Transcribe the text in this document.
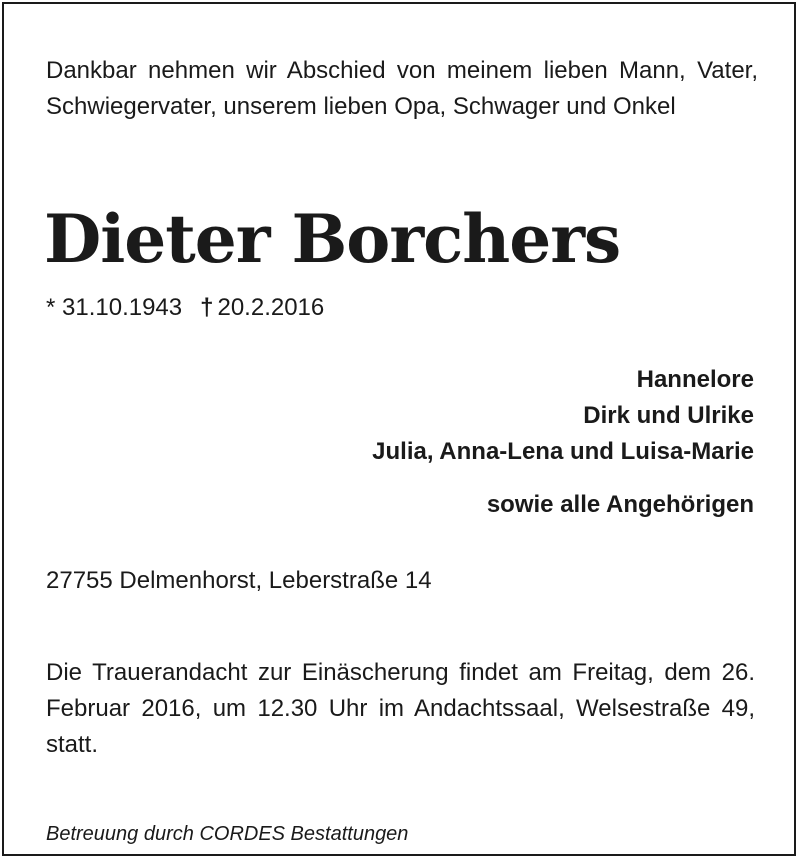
Dankbar nehmen wir Abschied von meinem lieben Mann, Vater, Schwiegervater, unserem lieben Opa, Schwager und Onkel

Dieter Borchers
* 31.10.1943 † 20.2.2016
Hannelore
Dirk und Ulrike
Julia, Anna-Lena und Luisa-Marie
sowie alle Angehörigen
27755 Delmenhorst, Leberstraße 14

Die Trauerandacht zur Einäscherung findet am Freitag, dem 26. Februar 2016, um 12.30 Uhr im Andachtssaal, Welsestraße 49, statt.

Betreuung durch CORDES Bestattungen
